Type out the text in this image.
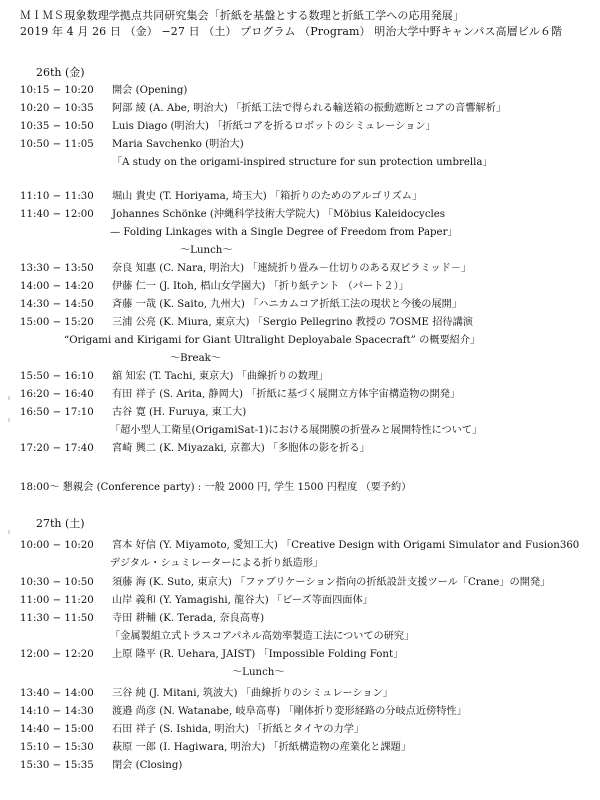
ＭＩＭＳ現象数理学拠点共同研究集会「折紙を基盤とする数理と折紙工学への応用発展」
2019 年 4 月 26 日 （金） −27 日 （土） プログラム （Program） 明治大学中野キャンパス高層ビル６階
26th (金)
10:15 − 10:20 開会 (Opening)
10:20 − 10:35 阿部 綾 (A. Abe, 明治大) 「折紙工法で得られる輸送箱の振動遮断とコアの音響解析」
10:35 − 10:50 Luis Diago (明治大) 「折紙コアを折るロボットのシミュレーション」
10:50 − 11:05 Maria Savchenko (明治大)
「A study on the origami-inspired structure for sun protection umbrella」
11:10 − 11:30 堀山 貴史 (T. Horiyama, 埼玉大) 「箱折りのためのアルゴリズム」
11:40 − 12:00 Johannes Schönke (沖縄科学技術大学院大) 「Möbius Kaleidocycles
— Folding Linkages with a Single Degree of Freedom from Paper」
〜Lunch〜
13:30 − 13:50 奈良 知惠 (C. Nara, 明治大) 「連続折り畳み－仕切りのある双ピラミッド－」
14:00 − 14:20 伊藤 仁一 (J. Itoh, 椙山女学園大) 「折り紙テント （パート２）」
14:30 − 14:50 斉藤 一哉 (K. Saito, 九州大) 「ハニカムコア折紙工法の現状と今後の展開」
15:00 − 15:20 三浦 公亮 (K. Miura, 東京大) 「Sergio Pellegrino 教授の 7OSME 招待講演
“Origami and Kirigami for Giant Ultralight Deployabale Spacecraft” の概要紹介」
〜Break〜
15:50 − 16:10 舘 知宏 (T. Tachi, 東京大) 「曲線折りの数理」
16:20 − 16:40 有田 祥子 (S. Arita, 静岡大) 「折紙に基づく展開立方体宇宙構造物の開発」
16:50 − 17:10 古谷 寛 (H. Furuya, 東工大)
「超小型人工衛星(OrigamiSat-1)における展開膜の折畳みと展開特性について」
17:20 − 17:40 宮崎 興二 (K. Miyazaki, 京都大) 「多胞体の影を折る」
18:00〜 懇親会 (Conference party) : 一般 2000 円, 学生 1500 円程度 （要予約）
27th (土)
10:00 − 10:20 宮本 好信 (Y. Miyamoto, 愛知工大) 「Creative Design with Origami Simulator and Fusion360
デジタル・シュミレーターによる折り紙造形」
10:30 − 10:50 須藤 海 (K. Suto, 東京大) 「ファブリケーション指向の折紙設計支援ツール「Crane」の開発」
11:00 − 11:20 山岸 義和 (Y. Yamagishi, 龍谷大) 「ビーズ等面四面体」
11:30 − 11:50 寺田 耕輔 (K. Terada, 奈良高専)
「金属製組立式トラスコアパネル高効率製造工法についての研究」
12:00 − 12:20 上原 隆平 (R. Uehara, JAIST) 「Impossible Folding Font」
〜Lunch〜
13:40 − 14:00 三谷 純 (J. Mitani, 筑波大) 「曲線折りのシミュレーション」
14:10 − 14:30 渡邉 尚彦 (N. Watanabe, 岐阜高専) 「剛体折り変形経路の分岐点近傍特性」
14:40 − 15:00 石田 祥子 (S. Ishida, 明治大) 「折紙とタイヤの力学」
15:10 − 15:30 萩原 一郎 (I. Hagiwara, 明治大) 「折紙構造物の産業化と課題」
15:30 − 15:35 閉会 (Closing)
